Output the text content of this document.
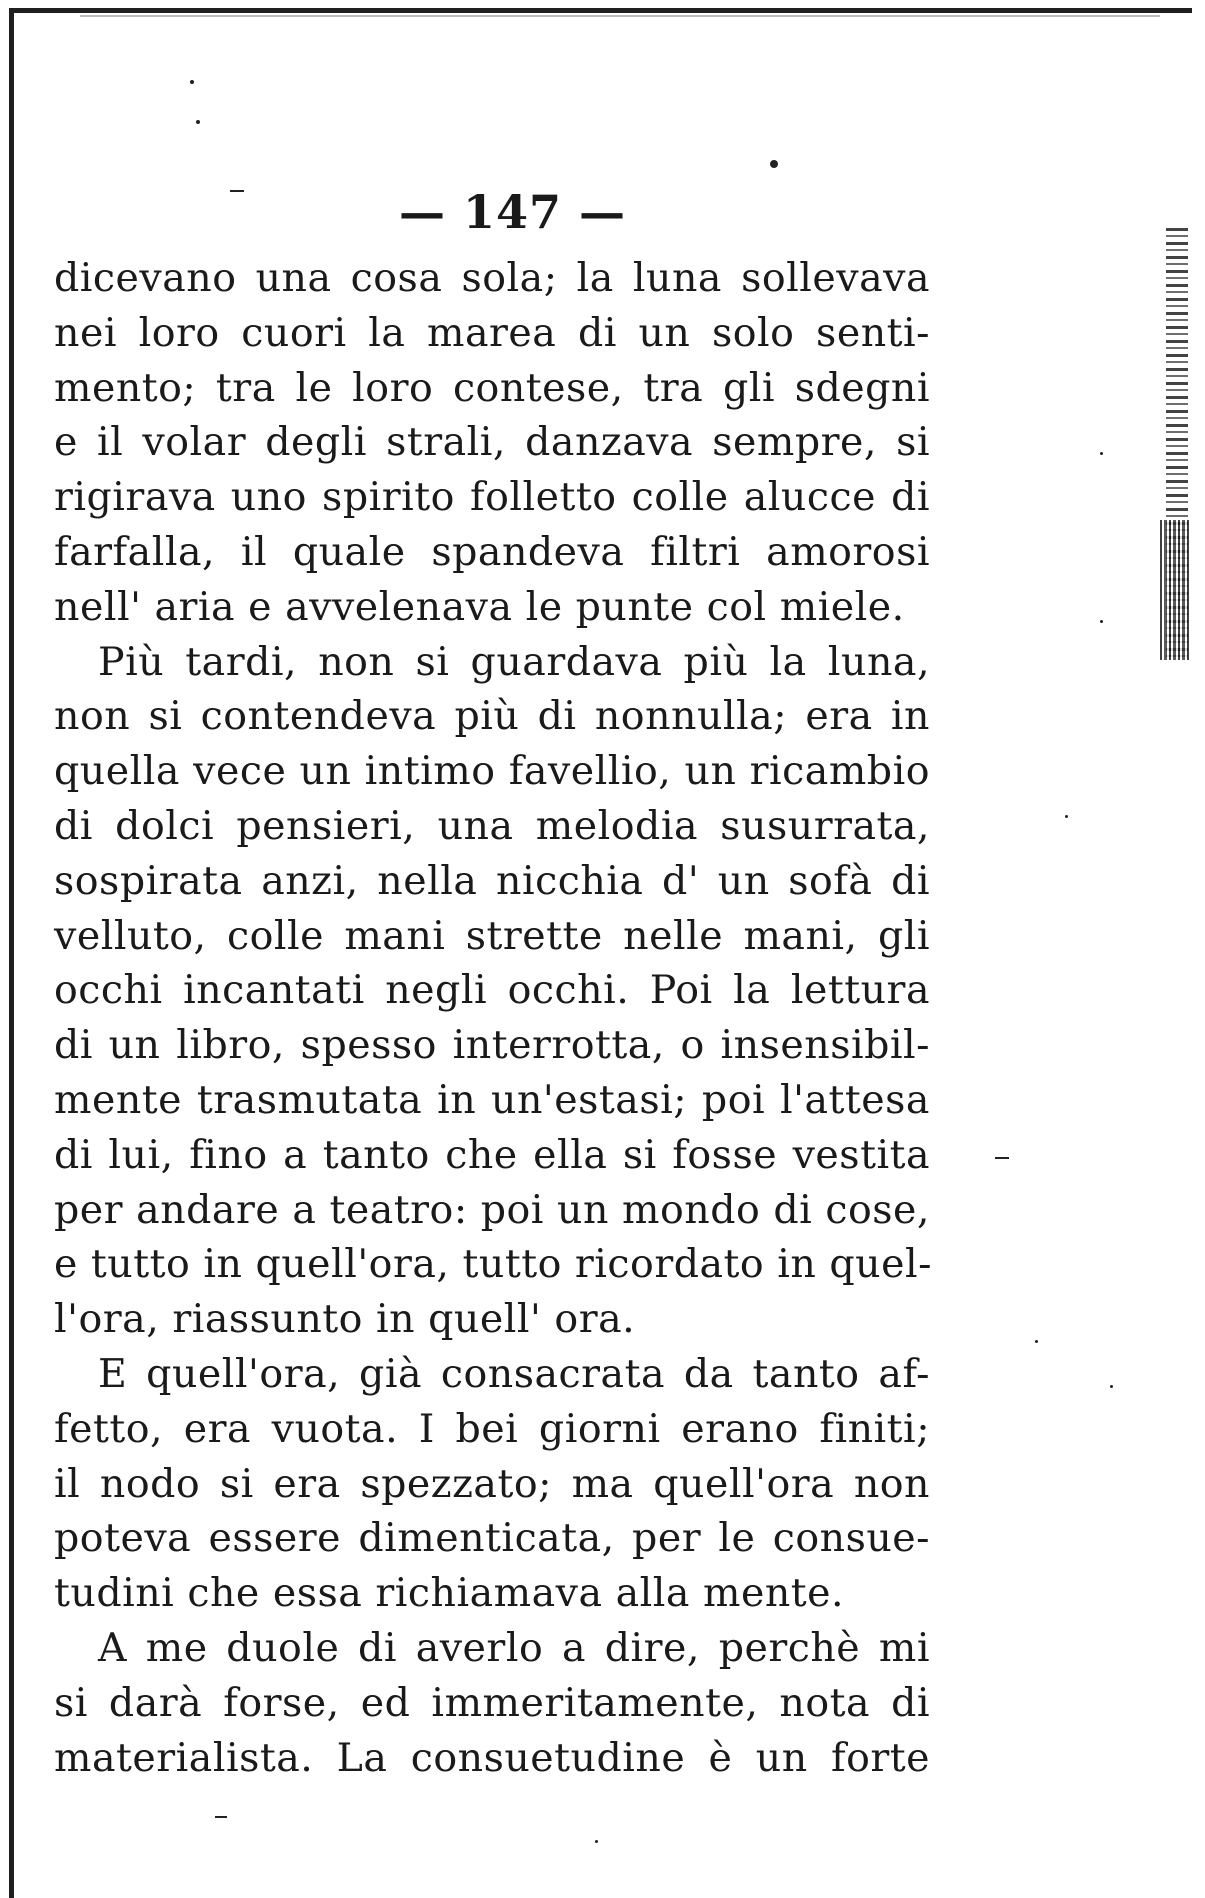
— 147 —
dicevano una cosa sola; la luna sollevava
nei loro cuori la marea di un solo senti-
mento; tra le loro contese, tra gli sdegni
e il volar degli strali, danzava sempre, si
rigirava uno spirito folletto colle alucce di
farfalla, il quale spandeva filtri amorosi
nell' aria e avvelenava le punte col miele.
Più tardi, non si guardava più la luna,
non si contendeva più di nonnulla; era in
quella vece un intimo favellio, un ricambio
di dolci pensieri, una melodia susurrata,
sospirata anzi, nella nicchia d' un sofà di
velluto, colle mani strette nelle mani, gli
occhi incantati negli occhi. Poi la lettura
di un libro, spesso interrotta, o insensibil-
mente trasmutata in un'estasi; poi l'attesa
di lui, fino a tanto che ella si fosse vestita
per andare a teatro: poi un mondo di cose,
e tutto in quell'ora, tutto ricordato in quel-
l'ora, riassunto in quell' ora.
E quell'ora, già consacrata da tanto af-
fetto, era vuota. I bei giorni erano finiti;
il nodo si era spezzato; ma quell'ora non
poteva essere dimenticata, per le consue-
tudini che essa richiamava alla mente.
A me duole di averlo a dire, perchè mi
si darà forse, ed immeritamente, nota di
materialista. La consuetudine è un forte
